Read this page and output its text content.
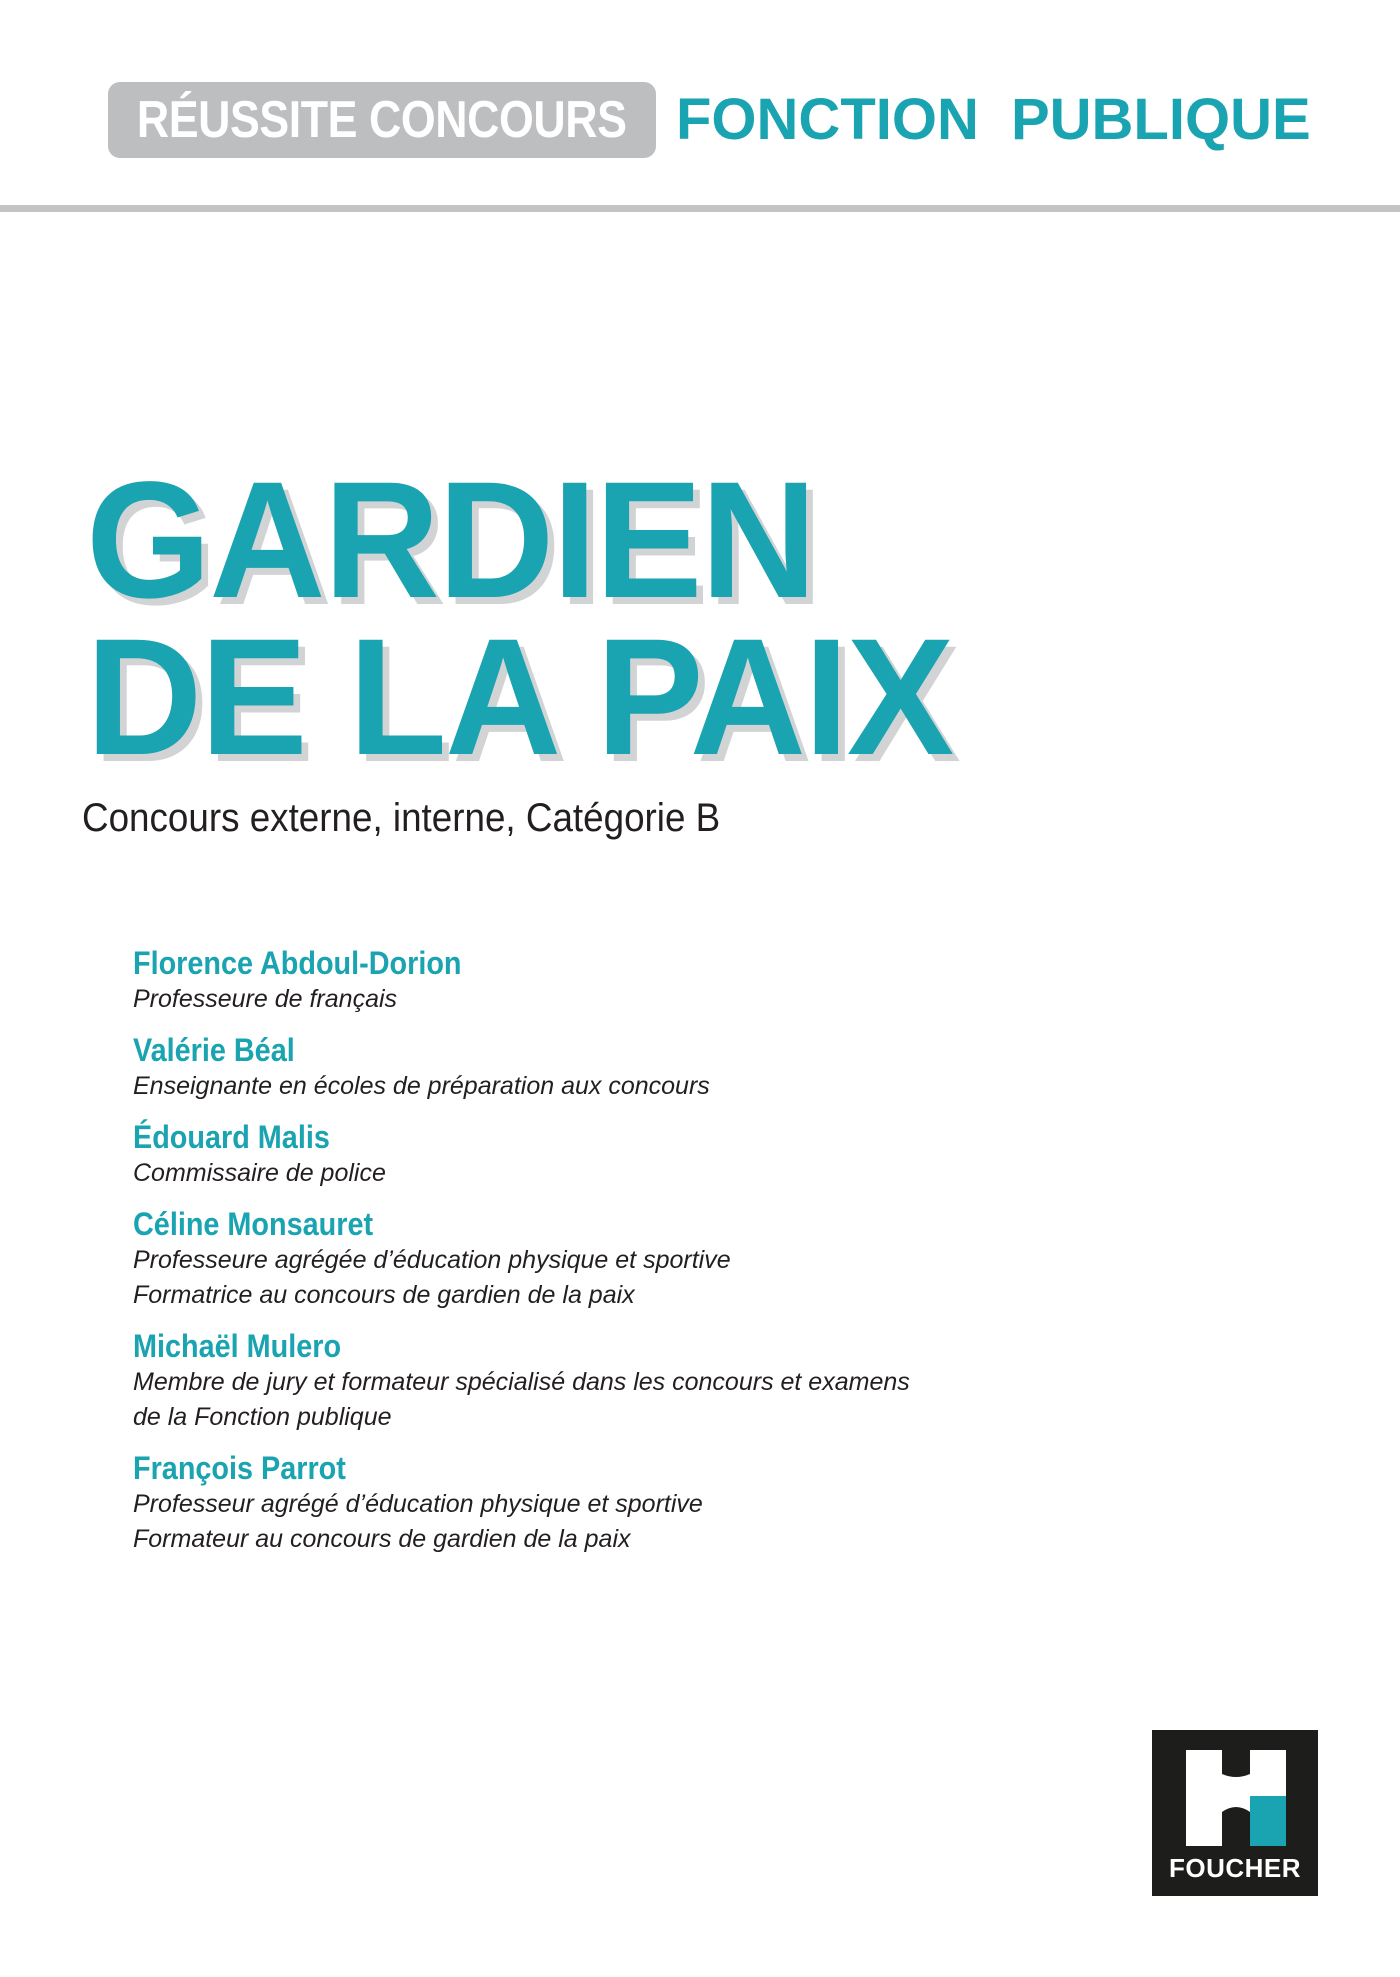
RÉUSSITE CONCOURS FONCTION PUBLIQUE
GARDIEN
DE LA PAIX
Concours externe, interne, Catégorie B
Florence Abdoul-Dorion
Professeure de français
Valérie Béal
Enseignante en écoles de préparation aux concours
Édouard Malis
Commissaire de police
Céline Monsauret
Professeure agrégée d’éducation physique et sportive
Formatrice au concours de gardien de la paix
Michaël Mulero
Membre de jury et formateur spécialisé dans les concours et examens
de la Fonction publique
François Parrot
Professeur agrégé d’éducation physique et sportive
Formateur au concours de gardien de la paix
FOUCHER
